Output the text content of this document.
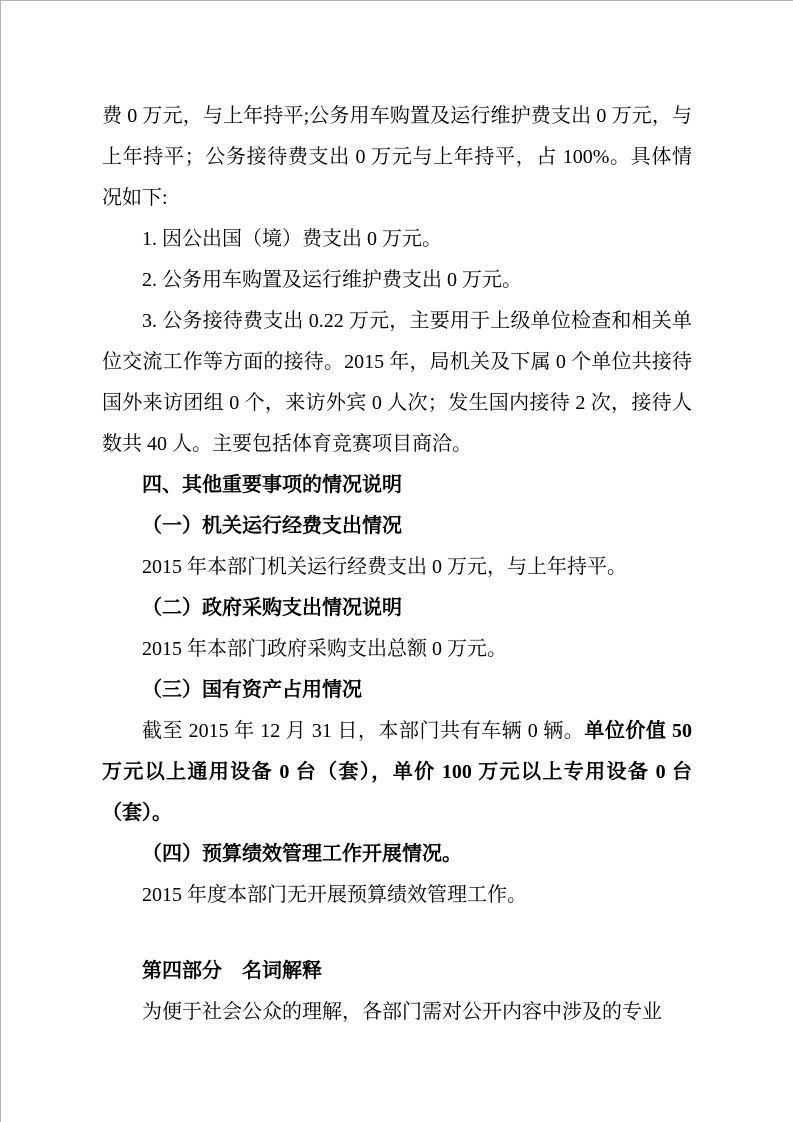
费 0 万元，与上年持平;公务用车购置及运行维护费支出 0 万元，与上年持平；公务接待费支出 0 万元与上年持平，占 100%。具体情况如下:

1. 因公出国（境）费支出 0 万元。

2. 公务用车购置及运行维护费支出 0 万元。

3. 公务接待费支出 0.22 万元，主要用于上级单位检查和相关单位交流工作等方面的接待。2015 年，局机关及下属 0 个单位共接待国外来访团组 0 个，来访外宾 0 人次；发生国内接待 2 次，接待人数共 40 人。主要包括体育竞赛项目商洽。

四、其他重要事项的情况说明

（一）机关运行经费支出情况

2015 年本部门机关运行经费支出 0 万元，与上年持平。

（二）政府采购支出情况说明

2015 年本部门政府采购支出总额 0 万元。

（三）国有资产占用情况

截至 2015 年 12 月 31 日，本部门共有车辆 0 辆。单位价值 50 万元以上通用设备 0 台（套），单价 100 万元以上专用设备 0 台（套）。

（四）预算绩效管理工作开展情况。

2015 年度本部门无开展预算绩效管理工作。

第四部分　名词解释

为便于社会公众的理解，各部门需对公开内容中涉及的专业
